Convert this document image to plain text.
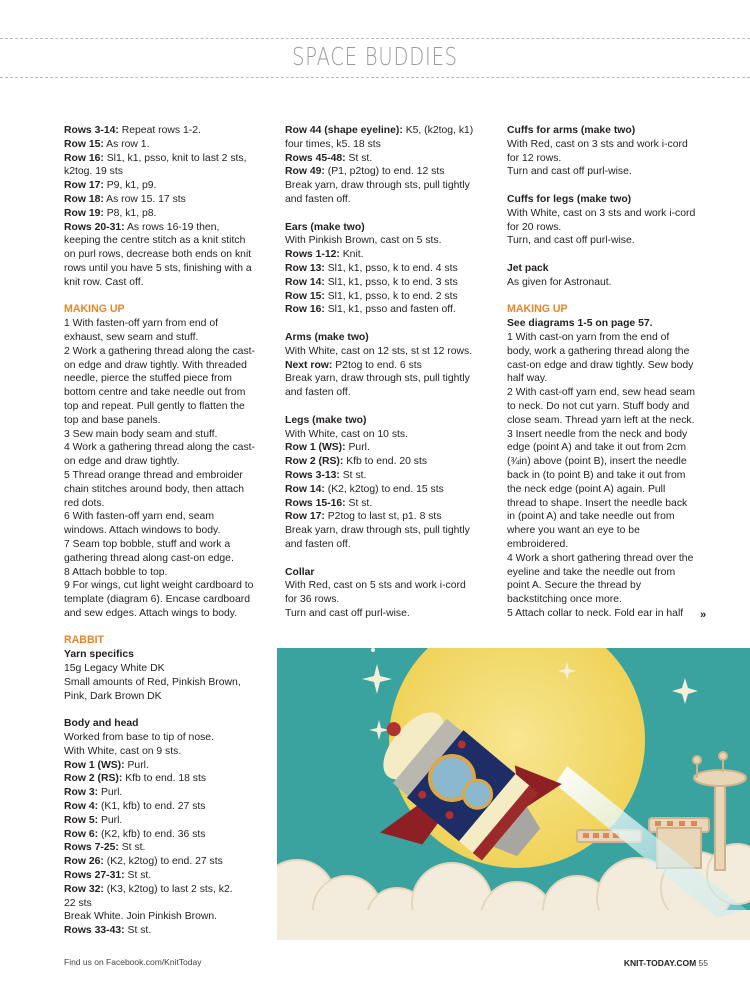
SPACE BUDDIES

Rows 3-14: Repeat rows 1-2.

Row 15: As row 1.

Row 16: Sl1, k1, psso, knit to last 2 sts,

k2tog. 19 sts

Row 17: P9, k1, p9.

Row 18: As row 15. 17 sts

Row 19: P8, k1, p8.

Rows 20-31: As rows 16-19 then,

keeping the centre stitch as a knit stitch

on purl rows, decrease both ends on knit

rows until you have 5 sts, finishing with a

knit row. Cast off.

MAKING UP

1 With fasten-off yarn from end of

exhaust, sew seam and stuff.

2 Work a gathering thread along the cast-

on edge and draw tightly. With threaded

needle, pierce the stuffed piece from

bottom centre and take needle out from

top and repeat. Pull gently to flatten the

top and base panels.

3 Sew main body seam and stuff.

4 Work a gathering thread along the cast-

on edge and draw tightly.

5 Thread orange thread and embroider

chain stitches around body, then attach

red dots.

6 With fasten-off yarn end, seam

windows. Attach windows to body.

7 Seam top bobble, stuff and work a

gathering thread along cast-on edge.

8 Attach bobble to top.

9 For wings, cut light weight cardboard to

template (diagram 6). Encase cardboard

and sew edges. Attach wings to body.

RABBIT

Yarn specifics

15g Legacy White DK

Small amounts of Red, Pinkish Brown,

Pink, Dark Brown DK

Body and head

Worked from base to tip of nose.

With White, cast on 9 sts.

Row 1 (WS): Purl.

Row 2 (RS): Kfb to end. 18 sts

Row 3: Purl.

Row 4: (K1, kfb) to end. 27 sts

Row 5: Purl.

Row 6: (K2, kfb) to end. 36 sts

Rows 7-25: St st.

Row 26: (K2, k2tog) to end. 27 sts

Rows 27-31: St st.

Row 32: (K3, k2tog) to last 2 sts, k2.

22 sts

Break White. Join Pinkish Brown.

Rows 33-43: St st.

Row 44 (shape eyeline): K5, (k2tog, k1)

four times, k5. 18 sts

Rows 45-48: St st.

Row 49: (P1, p2tog) to end. 12 sts

Break yarn, draw through sts, pull tightly

and fasten off.

Ears (make two)

With Pinkish Brown, cast on 5 sts.

Rows 1-12: Knit.

Row 13: Sl1, k1, psso, k to end. 4 sts

Row 14: Sl1, k1, psso, k to end. 3 sts

Row 15: Sl1, k1, psso, k to end. 2 sts

Row 16: Sl1, k1, psso and fasten off.

Arms (make two)

With White, cast on 12 sts, st st 12 rows.

Next row: P2tog to end. 6 sts

Break yarn, draw through sts, pull tightly

and fasten off.

Legs (make two)

With White, cast on 10 sts.

Row 1 (WS): Purl.

Row 2 (RS): Kfb to end. 20 sts

Rows 3-13: St st.

Row 14: (K2, k2tog) to end. 15 sts

Rows 15-16: St st.

Row 17: P2tog to last st, p1. 8 sts

Break yarn, draw through sts, pull tightly

and fasten off.

Collar

With Red, cast on 5 sts and work i-cord

for 36 rows.

Turn and cast off purl-wise.

Cuffs for arms (make two)

With Red, cast on 3 sts and work i-cord

for 12 rows.

Turn and cast off purl-wise.

Cuffs for legs (make two)

With White, cast on 3 sts and work i-cord

for 20 rows.

Turn, and cast off purl-wise.

Jet pack

As given for Astronaut.

MAKING UP

See diagrams 1-5 on page 57.

1 With cast-on yarn from the end of

body, work a gathering thread along the

cast-on edge and draw tightly. Sew body

half way.

2 With cast-off yarn end, sew head seam

to neck. Do not cut yarn. Stuff body and

close seam. Thread yarn left at the neck.

3 Insert needle from the neck and body

edge (point A) and take it out from 2cm

(¾in) above (point B), insert the needle

back in (to point B) and take it out from

the neck edge (point A) again. Pull

thread to shape. Insert the needle back

in (point A) and take needle out from

where you want an eye to be

embroidered.

4 Work a short gathering thread over the

eyeline and take the needle out from

point A. Secure the thread by

backstitching once more.

5 Attach collar to neck. Fold ear in half	»
Find us on Facebook.com/KnitToday	KNIT-TODAY.COM 55
